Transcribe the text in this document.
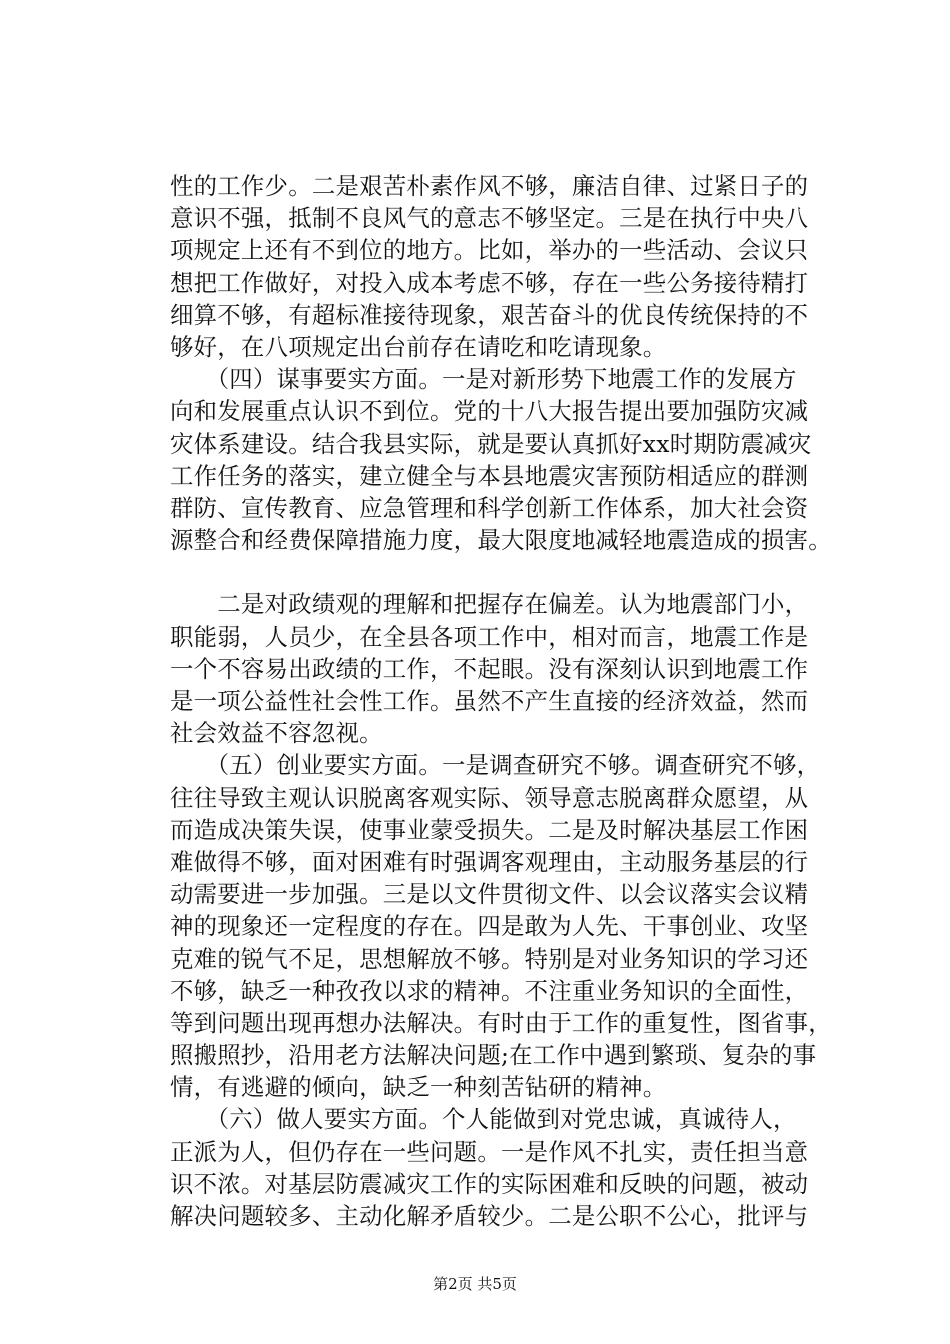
性的工作少。二是艰苦朴素作风不够，廉洁自律、过紧日子的
意识不强，抵制不良风气的意志不够坚定。三是在执行中央八
项规定上还有不到位的地方。比如，举办的一些活动、会议只
想把工作做好，对投入成本考虑不够，存在一些公务接待精打
细算不够，有超标准接待现象，艰苦奋斗的优良传统保持的不
够好，在八项规定出台前存在请吃和吃请现象。
　　（四）谋事要实方面。一是对新形势下地震工作的发展方
向和发展重点认识不到位。党的十八大报告提出要加强防灾减
灾体系建设。结合我县实际，就是要认真抓好xx时期防震减灾
工作任务的落实，建立健全与本县地震灾害预防相适应的群测
群防、宣传教育、应急管理和科学创新工作体系，加大社会资
源整合和经费保障措施力度，最大限度地减轻地震造成的损害。
　　二是对政绩观的理解和把握存在偏差。认为地震部门小，
职能弱，人员少，在全县各项工作中，相对而言，地震工作是
一个不容易出政绩的工作，不起眼。没有深刻认识到地震工作
是一项公益性社会性工作。虽然不产生直接的经济效益，然而
社会效益不容忽视。
　　（五）创业要实方面。一是调查研究不够。调查研究不够，
往往导致主观认识脱离客观实际、领导意志脱离群众愿望，从
而造成决策失误，使事业蒙受损失。二是及时解决基层工作困
难做得不够，面对困难有时强调客观理由，主动服务基层的行
动需要进一步加强。三是以文件贯彻文件、以会议落实会议精
神的现象还一定程度的存在。四是敢为人先、干事创业、攻坚
克难的锐气不足，思想解放不够。特别是对业务知识的学习还
不够，缺乏一种孜孜以求的精神。不注重业务知识的全面性，
等到问题出现再想办法解决。有时由于工作的重复性，图省事，
照搬照抄，沿用老方法解决问题;在工作中遇到繁琐、复杂的事
情，有逃避的倾向，缺乏一种刻苦钻研的精神。
　　（六）做人要实方面。个人能做到对党忠诚，真诚待人，
正派为人，但仍存在一些问题。一是作风不扎实，责任担当意
识不浓。对基层防震减灾工作的实际困难和反映的问题，被动
解决问题较多、主动化解矛盾较少。二是公职不公心，批评与
第2页 共5页
